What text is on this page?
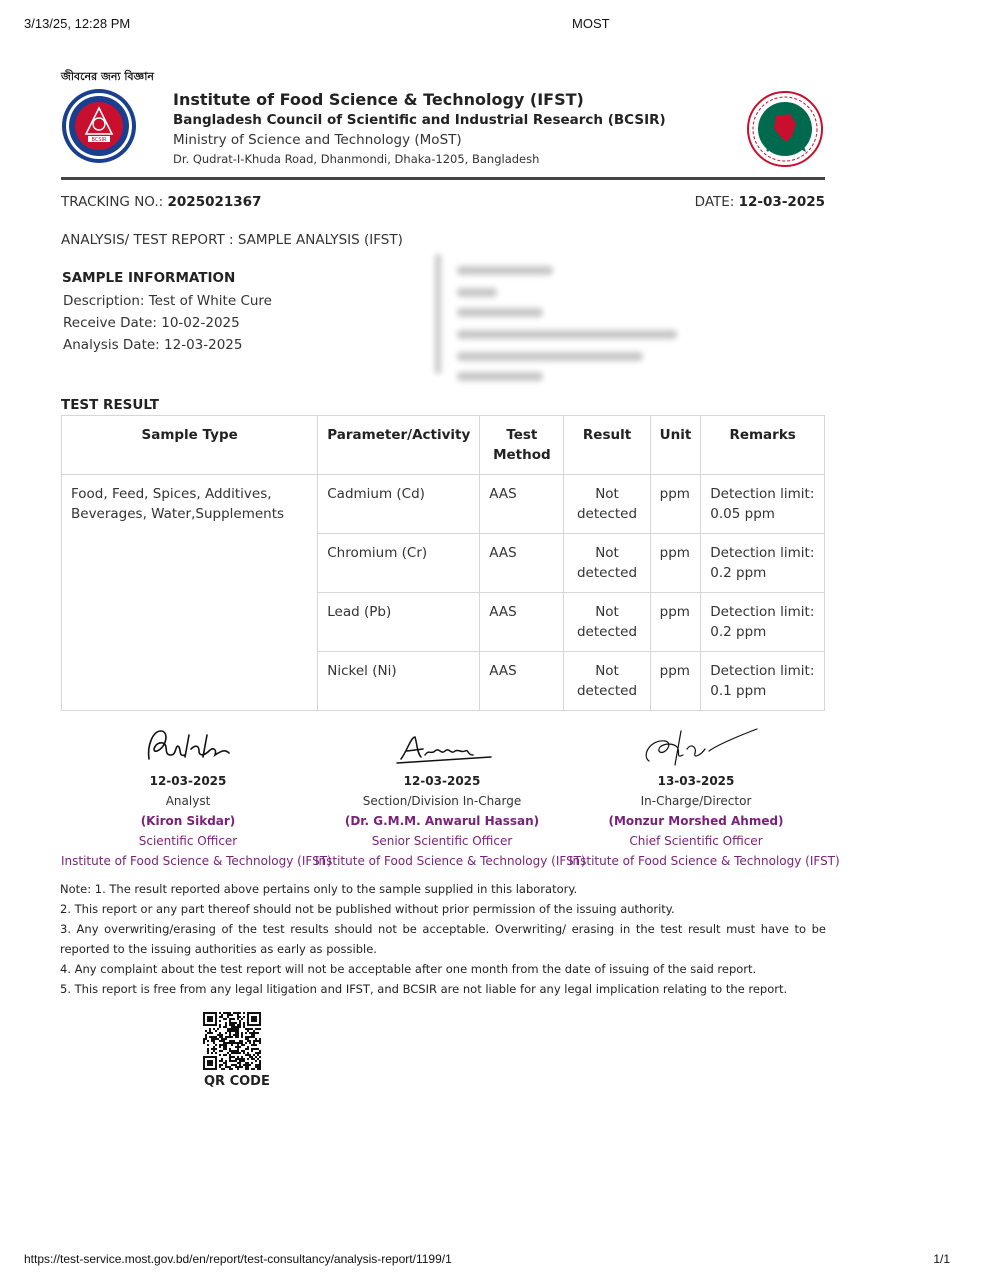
3/13/25, 12:28 PM	MOST
জীবনের জন্য বিজ্ঞান
BCSIR
Institute of Food Science & Technology (IFST)
Bangladesh Council of Scientific and Industrial Research (BCSIR)
Ministry of Science and Technology (MoST)
Dr. Qudrat-I-Khuda Road, Dhanmondi, Dhaka-1205, Bangladesh
TRACKING NO.: 2025021367	DATE: 12-03-2025
ANALYSIS/ TEST REPORT : SAMPLE ANALYSIS (IFST)
SAMPLE INFORMATION
Description: Test of White Cure
Receive Date: 10-02-2025
Analysis Date: 12-03-2025
TEST RESULT
Sample Type	Parameter/Activity	Test Method	Result	Unit	Remarks
Food, Feed, Spices, Additives, Beverages, Water,Supplements	Cadmium (Cd)	AAS	Not detected	ppm	Detection limit: 0.05 ppm
	Chromium (Cr)	AAS	Not detected	ppm	Detection limit: 0.2 ppm
	Lead (Pb)	AAS	Not detected	ppm	Detection limit: 0.2 ppm
	Nickel (Ni)	AAS	Not detected	ppm	Detection limit: 0.1 ppm
12-03-2025
Analyst
(Kiron Sikdar)
Scientific Officer
Institute of Food Science & Technology (IFST)
12-03-2025
Section/Division In-Charge
(Dr. G.M.M. Anwarul Hassan)
Senior Scientific Officer
Institute of Food Science & Technology (IFST)
13-03-2025
In-Charge/Director
(Monzur Morshed Ahmed)
Chief Scientific Officer
Institute of Food Science & Technology (IFST)
Note: 1. The result reported above pertains only to the sample supplied in this laboratory.
2. This report or any part thereof should not be published without prior permission of the issuing authority.
3. Any overwriting/erasing of the test results should not be acceptable. Overwriting/ erasing in the test result must have to be reported to the issuing authorities as early as possible.
4. Any complaint about the test report will not be acceptable after one month from the date of issuing of the said report.
5. This report is free from any legal litigation and IFST, and BCSIR are not liable for any legal implication relating to the report.
QR CODE
https://test-service.most.gov.bd/en/report/test-consultancy/analysis-report/1199/1	1/1
